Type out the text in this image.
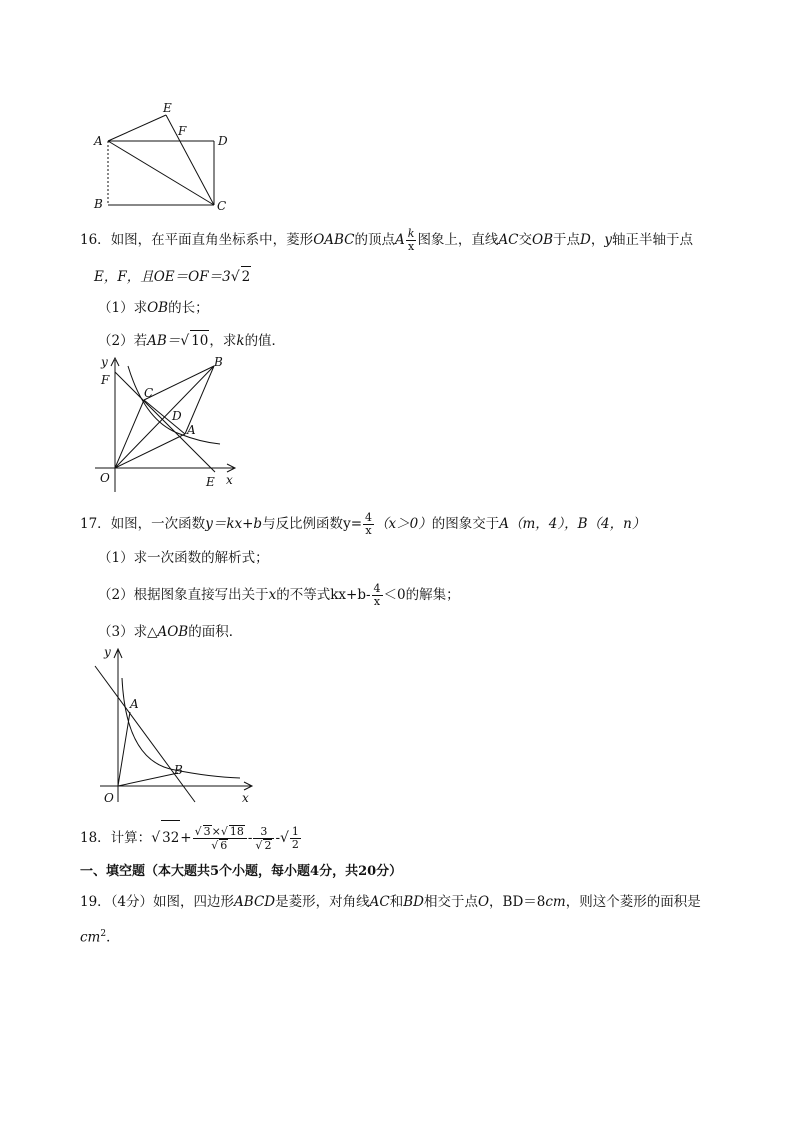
E
F
A	D
B	C
16．如图，在平面直角坐标系中，菱形OABC的顶点A $\frac{k}{x}$ 图象上，直线AC交OB于点D，y轴正半轴于点
E，F，且OE＝OF＝3√ 2
（1）求OB的长；
（2）若AB＝√ 10，求k的值．
y
F
B
C
D
A
O	E x
17．如图，一次函数y＝kx+b与反比例函数$y= \frac{4}{x} (x>0)$的图象交于A（m，4），B（4，n）
（1）求一次函数的解析式；
（2）根据图象直接写出关于x的不等式$kx+b- \frac{4}{x} <0$的解集；
（3）求△AOB的面积．
y
A
B
O	x
18．计算：√ $32+ \frac{√ 3\times√ 18}{√ 6} - \frac{3}{√ 2}$ -√ $\frac{1}{2}$
一、填空题（本大题共5个小题，每小题4分，共20分）
19．（4分）如图，四边形ABCD是菱形，对角线AC和BD相交于点O，BD＝8cm，则这个菱形的面积是
$cm^2$．
